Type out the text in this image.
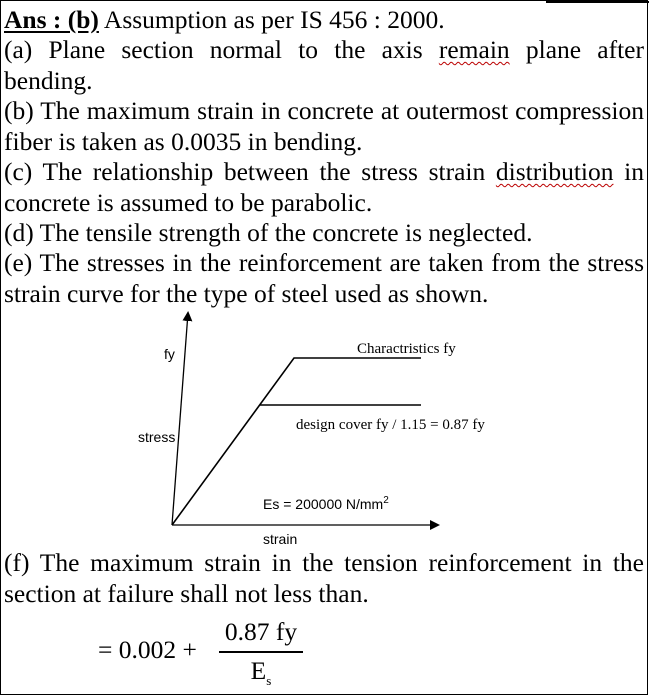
Ans : (b) Assumption as per IS 456 : 2000.

(a) Plane section normal to the axis remain plane after bending.

(b) The maximum strain in concrete at outermost compression fiber is taken as 0.0035 in bending.

(c) The relationship between the stress strain distribution in concrete is assumed to be parabolic.

(d) The tensile strength of the concrete is neglected.

(e) The stresses in the reinforcement are taken from the stress strain curve for the type of steel used as shown.

fy
stress
strain
Charactristics fy
design cover fy / 1.15 = 0.87 fy
Es = 200000 $N/mm^2$

(f) The maximum strain in the tension reinforcement in the section at failure shall not less than.

= 0.002 +
0.87 fy
$E_s$
